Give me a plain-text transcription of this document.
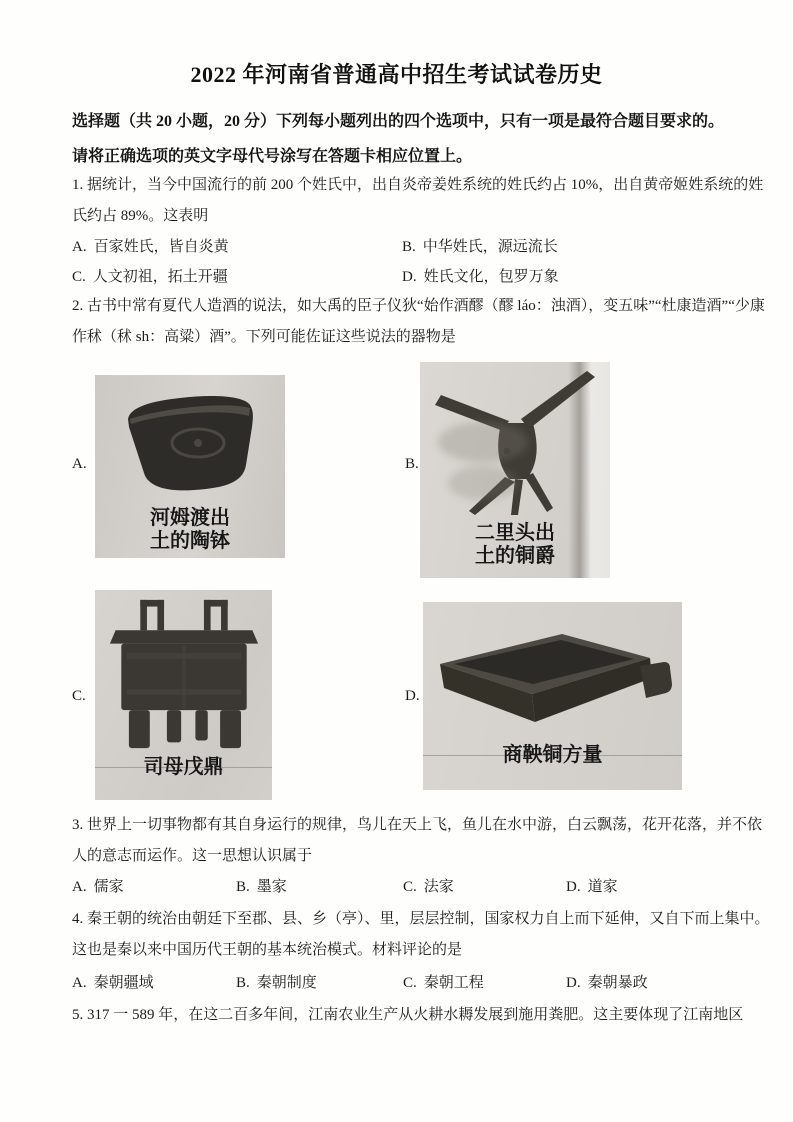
2022 年河南省普通高中招生考试试卷历史
选择题（共 20 小题，20 分）下列每小题列出的四个选项中，只有一项是最符合题目要求的。
请将正确选项的英文字母代号涂写在答题卡相应位置上。
1. 据统计，当今中国流行的前 200 个姓氏中，出自炎帝姜姓系统的姓氏约占 10%，出自黄帝姬姓系统的姓
氏约占 89%。这表明
A. 百家姓氏，皆自炎黄	B. 中华姓氏，源远流长
C. 人文初祖，拓土开疆	D. 姓氏文化，包罗万象
2. 古书中常有夏代人造酒的说法，如大禹的臣子仪狄“始作酒醪（醪 láo：浊酒），变五味”“杜康造酒”“少康
作秫（秫 sh：高粱）酒”。下列可能佐证这些说法的器物是
A.
河姆渡出
土的陶钵
B.
二里头出
土的铜爵
C.
司母戊鼎
D.
商鞅铜方量
3. 世界上一切事物都有其自身运行的规律，鸟儿在天上飞，鱼儿在水中游，白云飘荡，花开花落，并不依
人的意志而运作。这一思想认识属于
A. 儒家	B. 墨家	C. 法家	D. 道家
4. 秦王朝的统治由朝廷下至郡、县、乡（亭）、里，层层控制，国家权力自上而下延伸，又自下而上集中。
这也是秦以来中国历代王朝的基本统治模式。材料评论的是
A. 秦朝疆域	B. 秦朝制度	C. 秦朝工程	D. 秦朝暴政
5. 317 一 589 年，在这二百多年间，江南农业生产从火耕水耨发展到施用粪肥。这主要体现了江南地区
